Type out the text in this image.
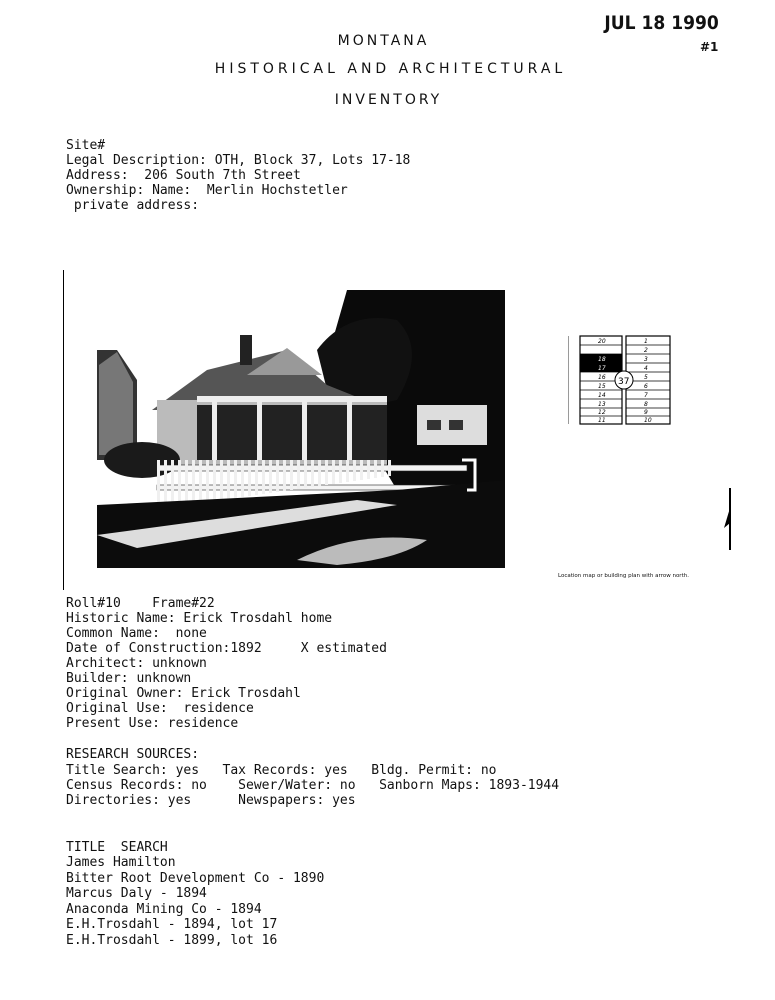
JUL 18 1990
#1
MONTANA
HISTORICAL AND ARCHITECTURAL
INVENTORY
Site#
Legal Description: OTH, Block 37, Lots 17-18
Address:  206 South 7th Street
Ownership: Name:  Merlin Hochstetler
private address:
20
19
18
17
16
15
14
13
12
11
1
2
3
4
5
6
7
8
9
10
37
Location map or building plan with arrow north.
Roll#10    Frame#22
Historic Name: Erick Trosdahl home
Common Name:  none
Date of Construction:1892     X estimated
Architect: unknown
Builder: unknown
Original Owner: Erick Trosdahl
Original Use:  residence
Present Use: residence
RESEARCH SOURCES:
Title Search: yes   Tax Records: yes   Bldg. Permit: no
Census Records: no    Sewer/Water: no   Sanborn Maps: 1893-1944
Directories: yes      Newspapers: yes
TITLE  SEARCH
James Hamilton
Bitter Root Development Co - 1890
Marcus Daly - 1894
Anaconda Mining Co - 1894
E.H.Trosdahl - 1894, lot 17
E.H.Trosdahl - 1899, lot 16
